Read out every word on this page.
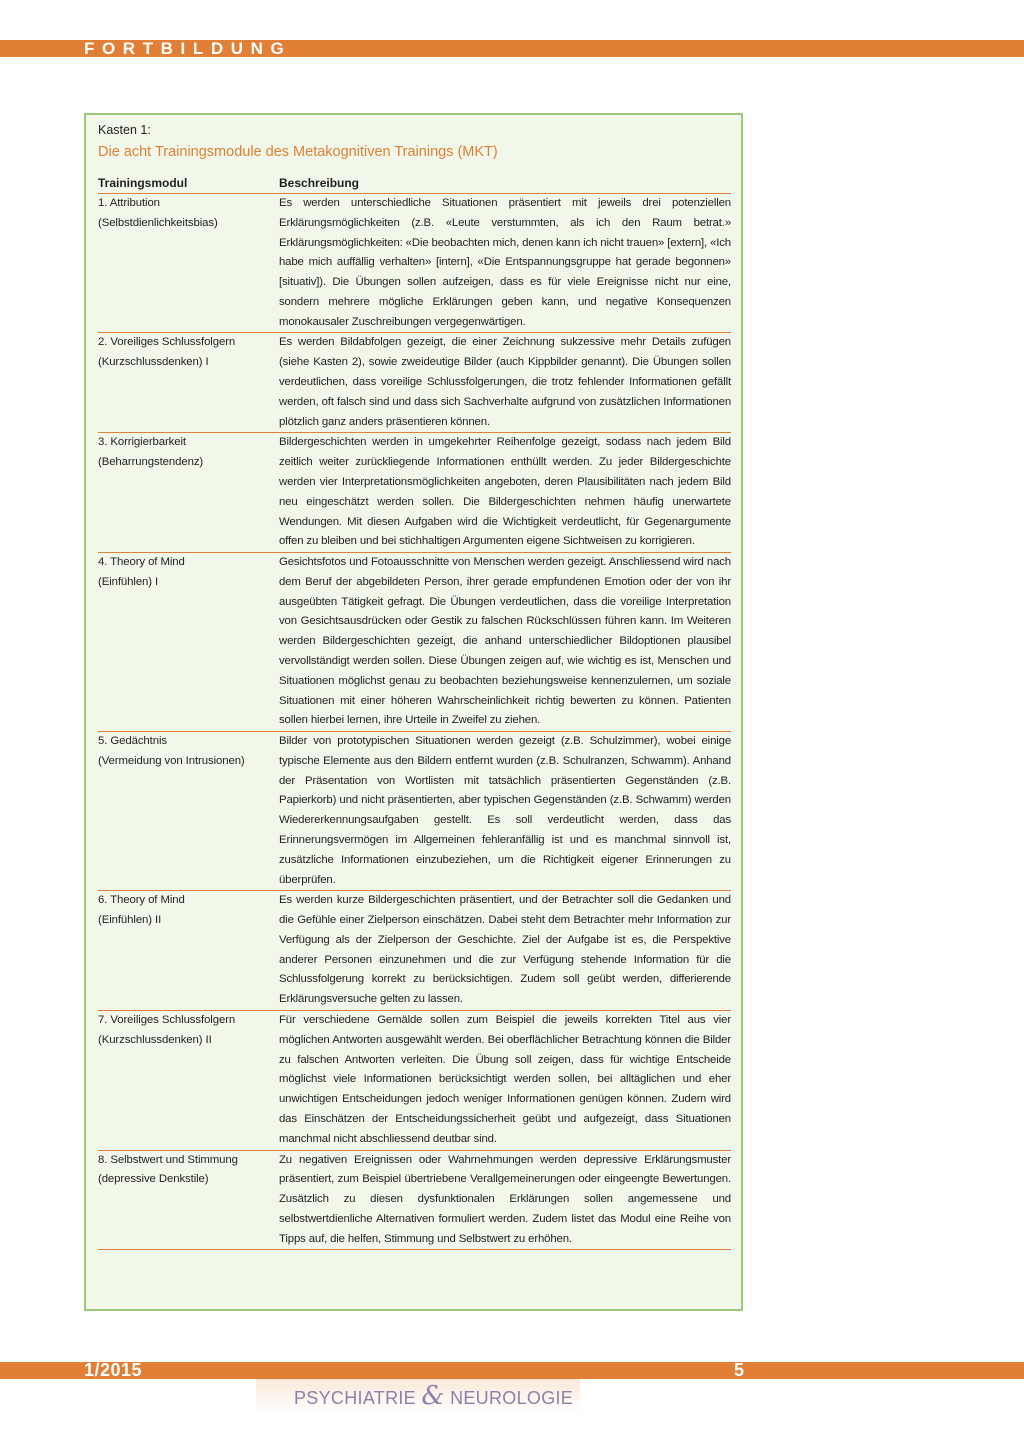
FORTBILDUNG
Kasten 1:
Die acht Trainingsmodule des Metakognitiven Trainings (MKT)
Trainingsmodul	Beschreibung

1. Attribution
(Selbstdienlichkeitsbias)	Es werden unterschiedliche Situationen präsentiert mit jeweils drei potenziellen Erklärungsmöglichkeiten (z.B. «Leute verstummten, als ich den Raum betrat.» Erklärungsmöglichkeiten: «Die beobachten mich, denen kann ich nicht trauen» [extern], «Ich habe mich auffällig verhalten» [intern], «Die Entspannungsgruppe hat gerade begonnen» [situativ]). Die Übungen sollen aufzeigen, dass es für viele Ereignisse nicht nur eine, sondern mehrere mögliche Erklärungen geben kann, und negative Konsequenzen monokausaler Zuschreibungen vergegenwärtigen.

2. Voreiliges Schlussfolgern
(Kurzschlussdenken) I	Es werden Bildabfolgen gezeigt, die einer Zeichnung sukzessive mehr Details zufügen (siehe Kasten 2), sowie zweideutige Bilder (auch Kippbilder genannt). Die Übungen sollen verdeutlichen, dass voreilige Schlussfolgerungen, die trotz fehlender Informationen gefällt werden, oft falsch sind und dass sich Sachverhalte aufgrund von zusätzlichen Informationen plötzlich ganz anders präsentieren können.

3. Korrigierbarkeit
(Beharrungstendenz)	Bildergeschichten werden in umgekehrter Reihenfolge gezeigt, sodass nach jedem Bild zeitlich weiter zurückliegende Informationen enthüllt werden. Zu jeder Bildergeschichte werden vier Interpretationsmöglichkeiten angeboten, deren Plausibilitäten nach jedem Bild neu eingeschätzt werden sollen. Die Bildergeschichten nehmen häufig unerwartete Wendungen. Mit diesen Aufgaben wird die Wichtigkeit verdeutlicht, für Gegenargumente offen zu bleiben und bei stichhaltigen Argumenten eigene Sichtweisen zu korrigieren.

4. Theory of Mind
(Einfühlen) I	Gesichtsfotos und Fotoausschnitte von Menschen werden gezeigt. Anschliessend wird nach dem Beruf der abgebildeten Person, ihrer gerade empfundenen Emotion oder der von ihr ausgeübten Tätigkeit gefragt. Die Übungen verdeutlichen, dass die voreilige Interpretation von Gesichtsausdrücken oder Gestik zu falschen Rückschlüssen führen kann. Im Weiteren werden Bildergeschichten gezeigt, die anhand unterschiedlicher Bildoptionen plausibel vervollständigt werden sollen. Diese Übungen zeigen auf, wie wichtig es ist, Menschen und Situationen möglichst genau zu beobachten beziehungsweise kennenzulernen, um soziale Situationen mit einer höheren Wahrscheinlichkeit richtig bewerten zu können. Patienten sollen hierbei lernen, ihre Urteile in Zweifel zu ziehen.

5. Gedächtnis
(Vermeidung von Intrusionen)	Bilder von prototypischen Situationen werden gezeigt (z.B. Schulzimmer), wobei einige typische Elemente aus den Bildern entfernt wurden (z.B. Schulranzen, Schwamm). Anhand der Präsentation von Wortlisten mit tatsächlich präsentierten Gegenständen (z.B. Papierkorb) und nicht präsentierten, aber typischen Gegenständen (z.B. Schwamm) werden Wiedererkennungsaufgaben gestellt. Es soll verdeutlicht werden, dass das Erinnerungsvermögen im Allgemeinen fehleranfällig ist und es manchmal sinnvoll ist, zusätzliche Informationen einzubeziehen, um die Richtigkeit eigener Erinnerungen zu überprüfen.

6. Theory of Mind
(Einfühlen) II	Es werden kurze Bildergeschichten präsentiert, und der Betrachter soll die Gedanken und die Gefühle einer Zielperson einschätzen. Dabei steht dem Betrachter mehr Information zur Verfügung als der Zielperson der Geschichte. Ziel der Aufgabe ist es, die Perspektive anderer Personen einzunehmen und die zur Verfügung stehende Information für die Schlussfolgerung korrekt zu berücksichtigen. Zudem soll geübt werden, differierende Erklärungsversuche gelten zu lassen.

7. Voreiliges Schlussfolgern
(Kurzschlussdenken) II	Für verschiedene Gemälde sollen zum Beispiel die jeweils korrekten Titel aus vier möglichen Antworten ausgewählt werden. Bei oberflächlicher Betrachtung können die Bilder zu falschen Antworten verleiten. Die Übung soll zeigen, dass für wichtige Entscheide möglichst viele Informationen berücksichtigt werden sollen, bei alltäglichen und eher unwichtigen Entscheidungen jedoch weniger Informationen genügen können. Zudem wird das Einschätzen der Entscheidungssicherheit geübt und aufgezeigt, dass Situationen manchmal nicht abschliessend deutbar sind.

8. Selbstwert und Stimmung
(depressive Denkstile)	Zu negativen Ereignissen oder Wahrnehmungen werden depressive Erklärungsmuster präsentiert, zum Beispiel übertriebene Verallgemeinerungen oder eingeengte Bewertungen. Zusätzlich zu diesen dysfunktionalen Erklärungen sollen angemessene und selbstwertdienliche Alternativen formuliert werden. Zudem listet das Modul eine Reihe von Tipps auf, die helfen, Stimmung und Selbstwert zu erhöhen.
1/2015	5
PSYCHIATRIE & NEUROLOGIE
